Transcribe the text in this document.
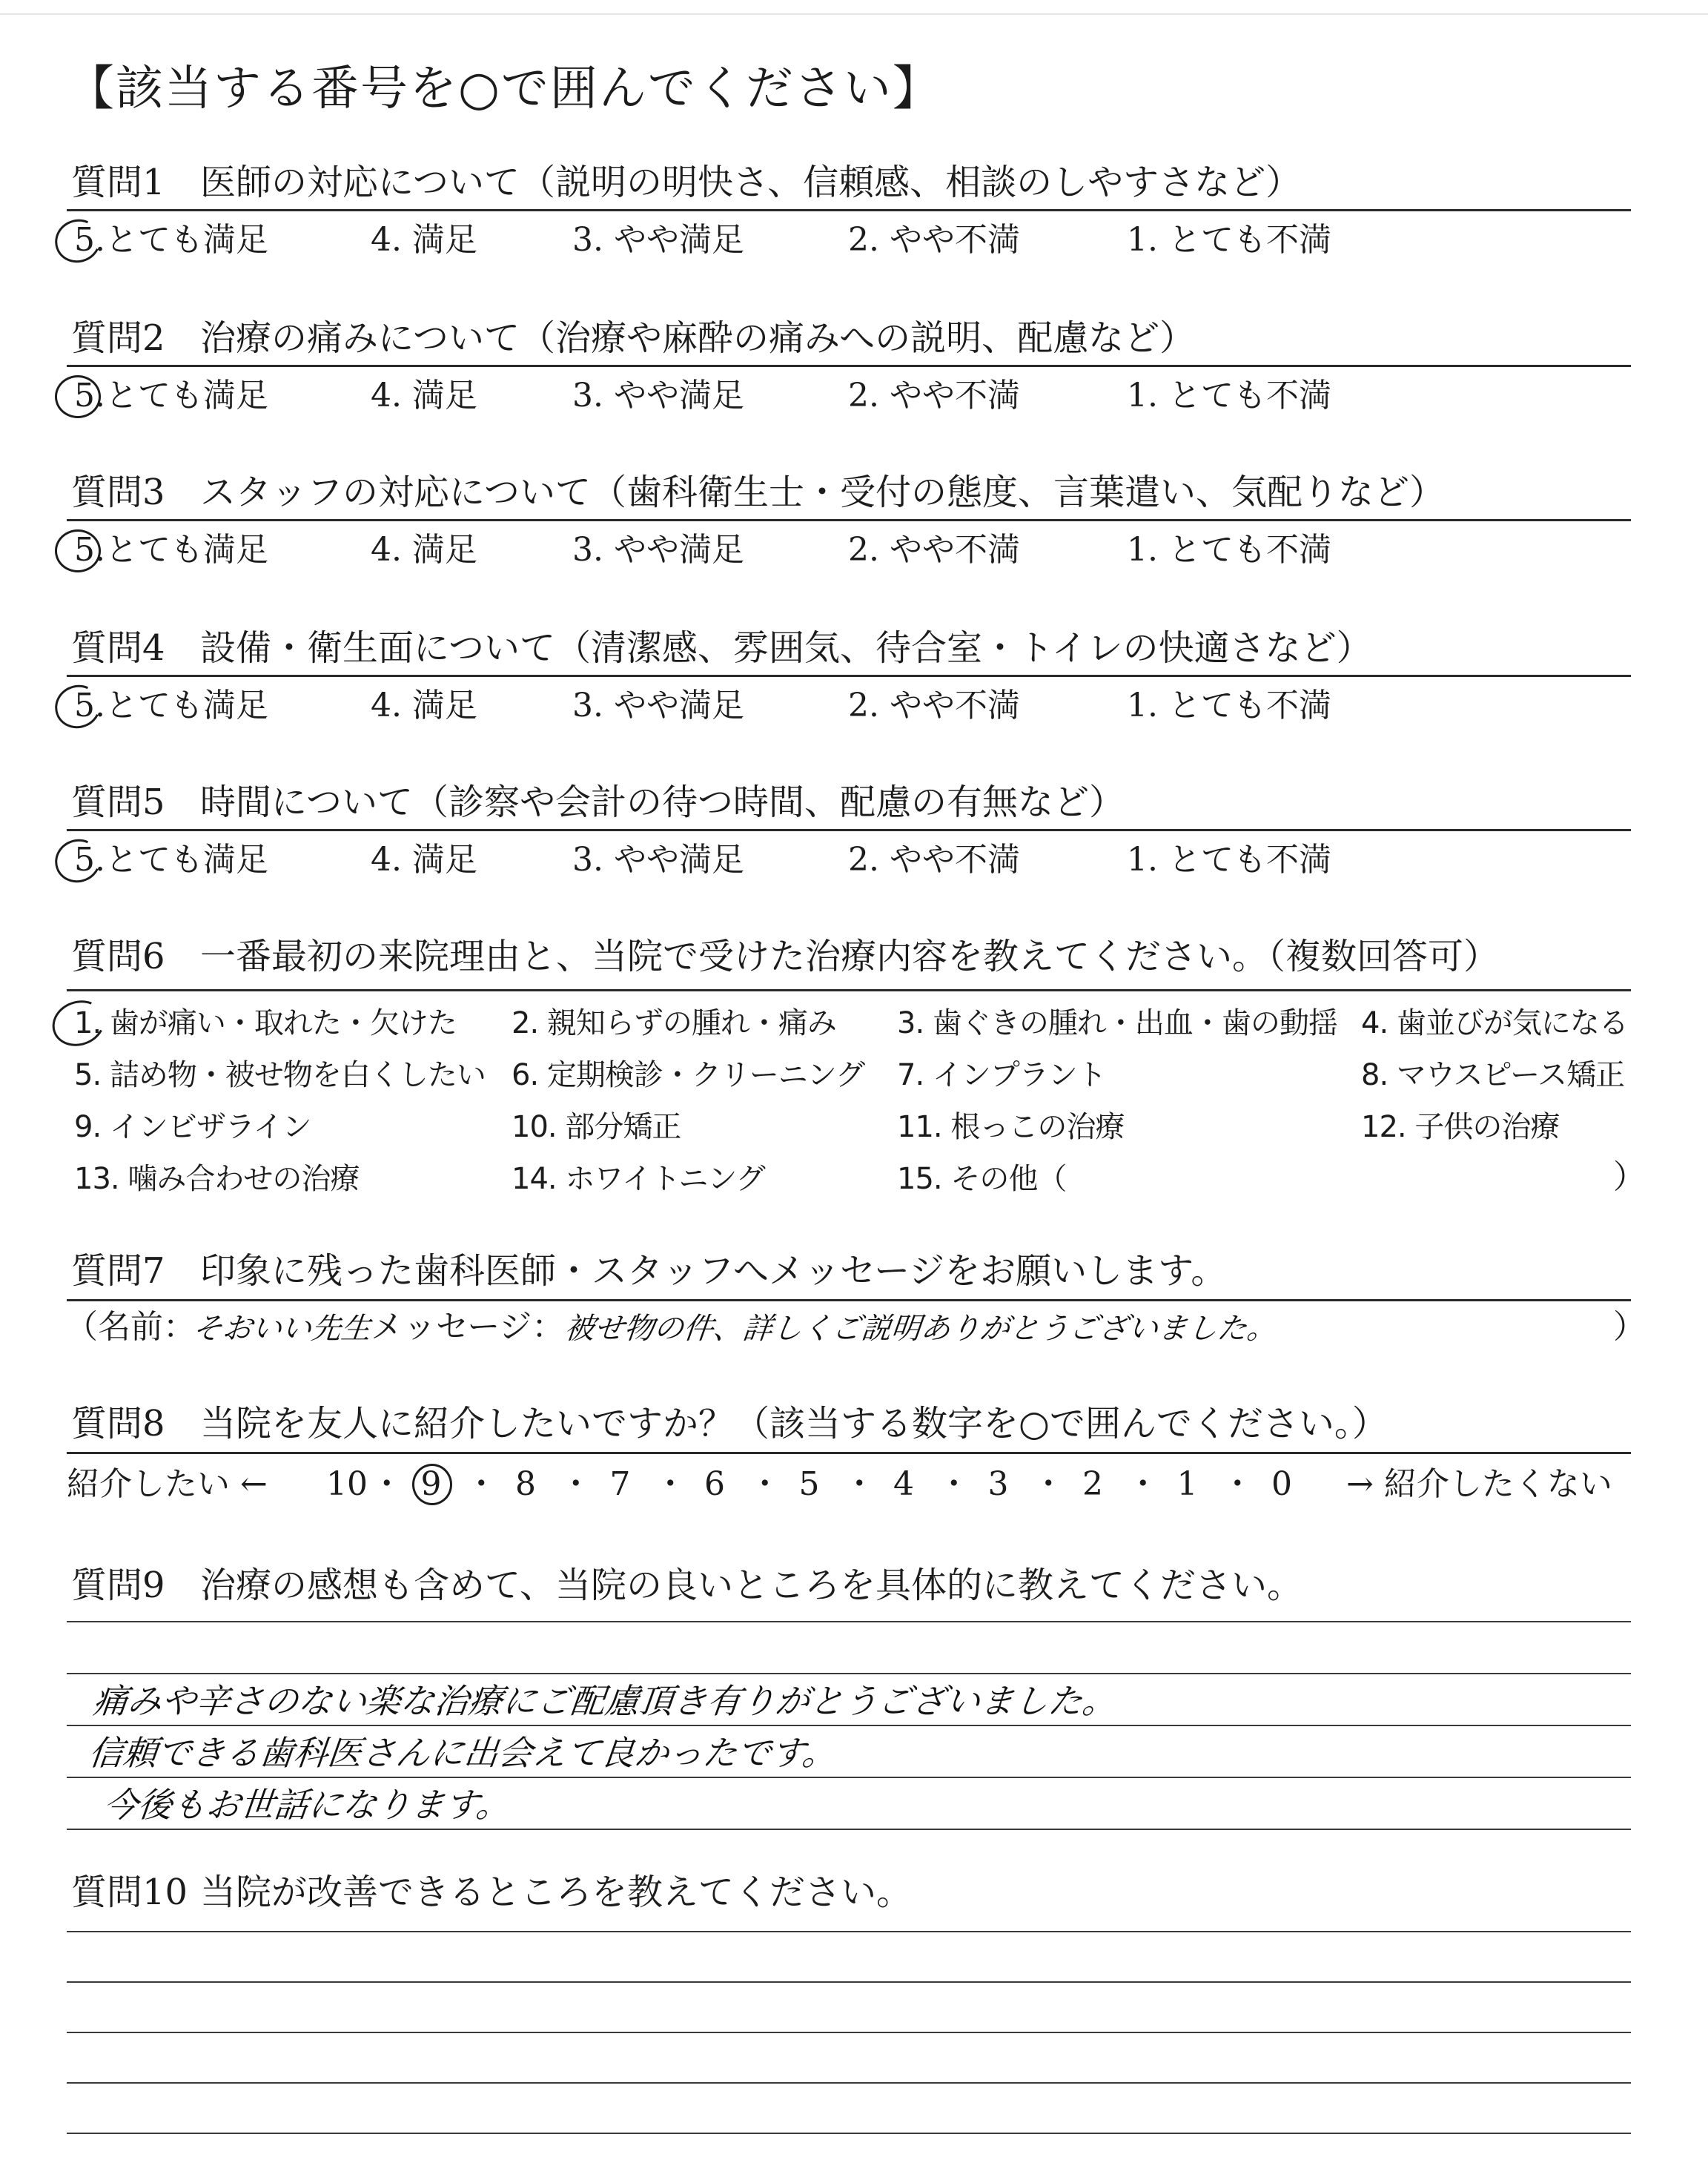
【該当する番号を○で囲んでください】
質問1 医師の対応について（説明の明快さ、信頼感、相談のしやすさなど）
5.とても満足	4. 満足	3. やや満足	2. やや不満	1. とても不満
質問2 治療の痛みについて（治療や麻酔の痛みへの説明、配慮など）
5.とても満足	4. 満足	3. やや満足	2. やや不満	1. とても不満
質問3 スタッフの対応について（歯科衛生士・受付の態度、言葉遣い、気配りなど）
5.とても満足	4. 満足	3. やや満足	2. やや不満	1. とても不満
質問4 設備・衛生面について（清潔感、雰囲気、待合室・トイレの快適さなど）
5.とても満足	4. 満足	3. やや満足	2. やや不満	1. とても不満
質問5 時間について（診察や会計の待つ時間、配慮の有無など）
5.とても満足	4. 満足	3. やや満足	2. やや不満	1. とても不満
質問6 一番最初の来院理由と、当院で受けた治療内容を教えてください。（複数回答可）
1. 歯が痛い・取れた・欠けた 2. 親知らずの腫れ・痛み 3. 歯ぐきの腫れ・出血・歯の動揺 4. 歯並びが気になる
5. 詰め物・被せ物を白くしたい 6. 定期検診・クリーニング 7. インプラント	8. マウスピース矯正
9. インビザライン	10. 部分矯正	11. 根っこの治療	12. 子供の治療
13. 噛み合わせの治療	14. ホワイトニング	15. その他（	）
質問7 印象に残った歯科医師・スタッフへメッセージをお願いします。
（名前：
そおいい先生
メッセージ：
被せ物の件、詳しくご説明ありがとうございました。	）
質問8 当院を友人に紹介したいですか？（該当する数字を○で囲んでください。）
紹介したい ← 10 ・ 9 ・ 8 ・ 7 ・ 6 ・ 5 ・ 4 ・ 3 ・ 2 ・ 1 ・ 0 → 紹介したくない
質問9 治療の感想も含めて、当院の良いところを具体的に教えてください。
痛みや辛さのない楽な治療にご配慮頂き有りがとうございました。
信頼できる歯科医さんに出会えて良かったです。
今後もお世話になります。
質問10 当院が改善できるところを教えてください。
